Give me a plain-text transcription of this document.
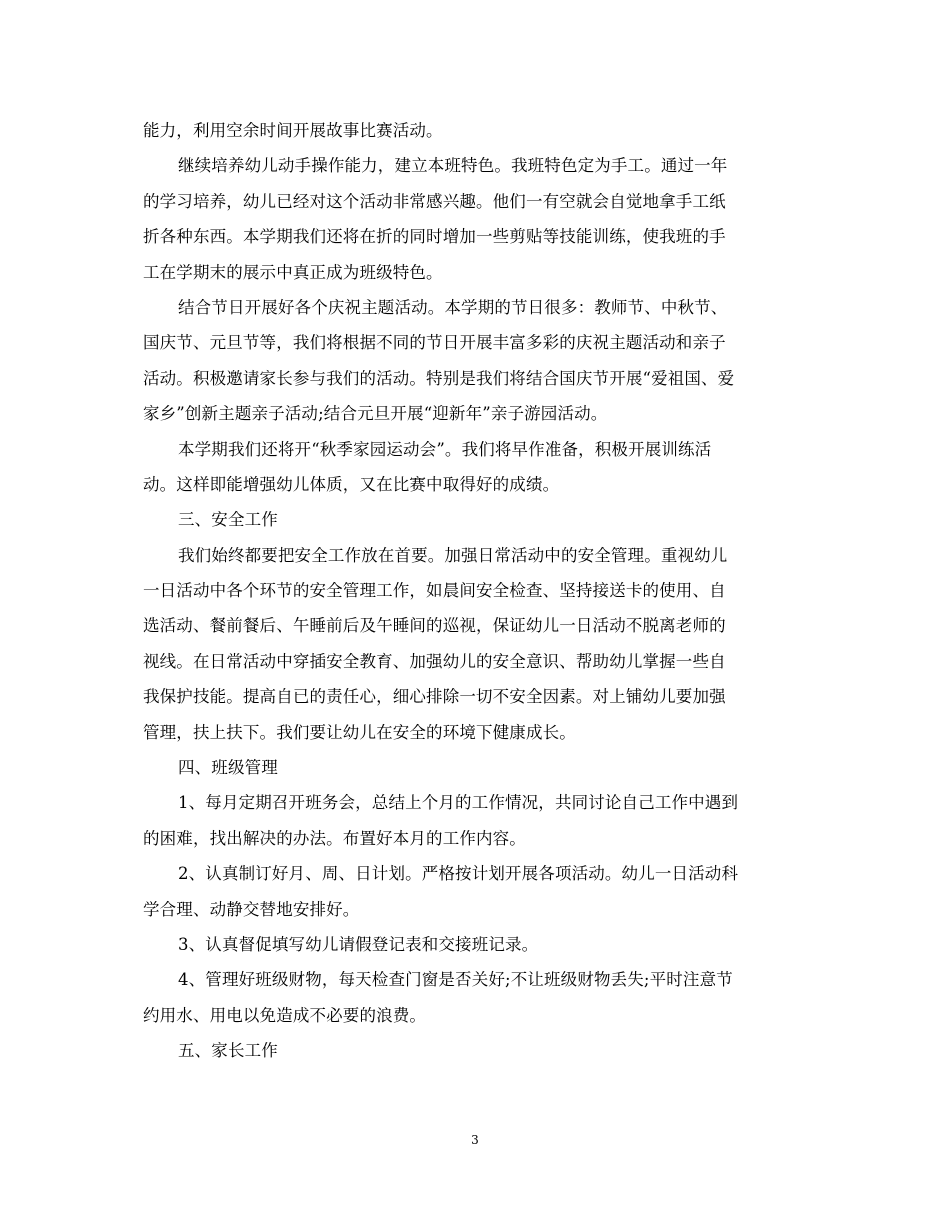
能力，利用空余时间开展故事比赛活动。
继续培养幼儿动手操作能力，建立本班特色。我班特色定为手工。通过一年
的学习培养，幼儿已经对这个活动非常感兴趣。他们一有空就会自觉地拿手工纸
折各种东西。本学期我们还将在折的同时增加一些剪贴等技能训练，使我班的手
工在学期末的展示中真正成为班级特色。
结合节日开展好各个庆祝主题活动。本学期的节日很多：教师节、中秋节、
国庆节、元旦节等，我们将根据不同的节日开展丰富多彩的庆祝主题活动和亲子
活动。积极邀请家长参与我们的活动。特别是我们将结合国庆节开展“爱祖国、爱
家乡”创新主题亲子活动;结合元旦开展“迎新年”亲子游园活动。
本学期我们还将开“秋季家园运动会”。我们将早作准备，积极开展训练活
动。这样即能增强幼儿体质，又在比赛中取得好的成绩。
三、安全工作
我们始终都要把安全工作放在首要。加强日常活动中的安全管理。重视幼儿
一日活动中各个环节的安全管理工作，如晨间安全检查、坚持接送卡的使用、自
选活动、餐前餐后、午睡前后及午睡间的巡视，保证幼儿一日活动不脱离老师的
视线。在日常活动中穿插安全教育、加强幼儿的安全意识、帮助幼儿掌握一些自
我保护技能。提高自已的责任心，细心排除一切不安全因素。对上铺幼儿要加强
管理，扶上扶下。我们要让幼儿在安全的环境下健康成长。
四、班级管理
1、每月定期召开班务会，总结上个月的工作情况，共同讨论自己工作中遇到
的困难，找出解决的办法。布置好本月的工作内容。
2、认真制订好月、周、日计划。严格按计划开展各项活动。幼儿一日活动科
学合理、动静交替地安排好。
3、认真督促填写幼儿请假登记表和交接班记录。
4、管理好班级财物，每天检查门窗是否关好;不让班级财物丢失;平时注意节
约用水、用电以免造成不必要的浪费。
五、家长工作
3
